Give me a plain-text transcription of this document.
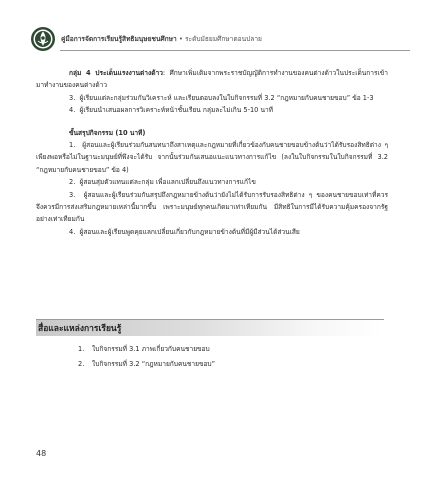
คู่มือการจัดการเรียนรู้สิทธิมนุษยชนศึกษา • ระดับมัธยมศึกษาตอนปลาย

กลุ่ม 4 ประเด็นแรงงานต่างด้าว: ศึกษาเพิ่มเติมจากพระราชบัญญัติการทำงานของคนต่างด้าวในประเด็นการเข้ามาทำงานของคนต่างด้าว

3.  ผู้เรียนแต่ละกลุ่มร่วมกันวิเคราะห์ และเรียนตอบลงในใบกิจกรรมที่ 3.2 “กฎหมายกับคนชายขอบ” ข้อ 1-3

4.  ผู้เรียนนำเสนอผลการวิเคราะห์หน้าชั้นเรียน กลุ่มละไม่เกิน 5-10 นาที

ขั้นสรุปกิจกรรม (10 นาที)

1.  ผู้สอนและผู้เรียนร่วมกันสนทนาถึงสาเหตุและกฎหมายที่เกี่ยวข้องกับคนชายขอบข้างต้นว่าได้รับรองสิทธิต่าง ๆ เพียงพอหรือไม่ในฐานะมนุษย์ที่พึงจะได้รับ จากนั้นร่วมกันเสนอแนะแนวทางการแก้ไข (ลงในใบกิจกรรมในใบกิจกรรมที่ 3.2 “กฎหมายกับคนชายขอบ” ข้อ 4)

2.  ผู้สอนสุ่มตัวแทนแต่ละกลุ่ม เพื่อแลกเปลี่ยนถึงแนวทางการแก้ไข

3.  ผู้สอนและผู้เรียนร่วมกันสรุปถึงกฎหมายข้างต้นว่ายังไม่ได้รับการรับรองสิทธิต่าง ๆ ของคนชายขอบเท่าที่ควร จึงควรมีการส่งเสริมกฎหมายเหล่านี้มากขึ้น เพราะมนุษย์ทุกคนเกิดมาเท่าเทียมกัน มีสิทธิในการมีได้รับความคุ้มครองจากรัฐอย่างเท่าเทียมกัน

4.  ผู้สอนและผู้เรียนพูดคุยแลกเปลี่ยนเกี่ยวกับกฎหมายข้างต้นที่มีผู้มีส่วนได้ส่วนเสีย

สื่อและแหล่งการเรียนรู้
1. ใบกิจกรรมที่ 3.1 ภาพเกี่ยวกับคนชายขอบ
2. ใบกิจกรรมที่ 3.2 “กฎหมายกับคนชายขอบ”
48
